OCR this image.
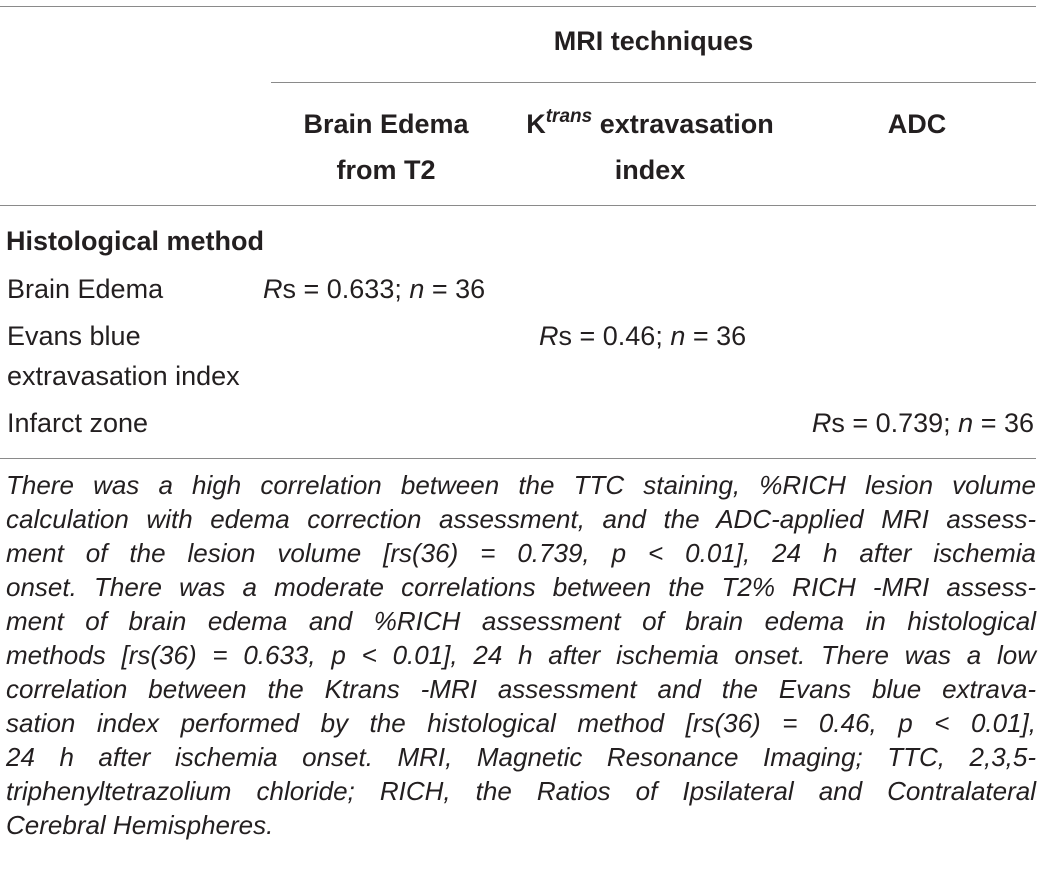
MRI techniques
Brain Edema
from T2
$K^{trans}$ extravasation
index
ADC
Histological method
Brain Edema	Rs = 0.633; n = 36
Evans blue
extravasation index
Rs = 0.46; n = 36
Infarct zone	Rs = 0.739; n = 36
There was a high correlation between the TTC staining, %RICH lesion volume
calculation with edema correction assessment, and the ADC-applied MRI assess-
ment of the lesion volume [rs(36) = 0.739, p < 0.01], 24 h after ischemia
onset. There was a moderate correlations between the T2% RICH -MRI assess-
ment of brain edema and %RICH assessment of brain edema in histological
methods [rs(36) = 0.633, p < 0.01], 24 h after ischemia onset. There was a low
correlation between the Ktrans -MRI assessment and the Evans blue extrava-
sation index performed by the histological method [rs(36) = 0.46, p < 0.01],
24 h after ischemia onset. MRI, Magnetic Resonance Imaging; TTC, 2,3,5-
triphenyltetrazolium chloride; RICH, the Ratios of Ipsilateral and Contralateral
Cerebral Hemispheres.
